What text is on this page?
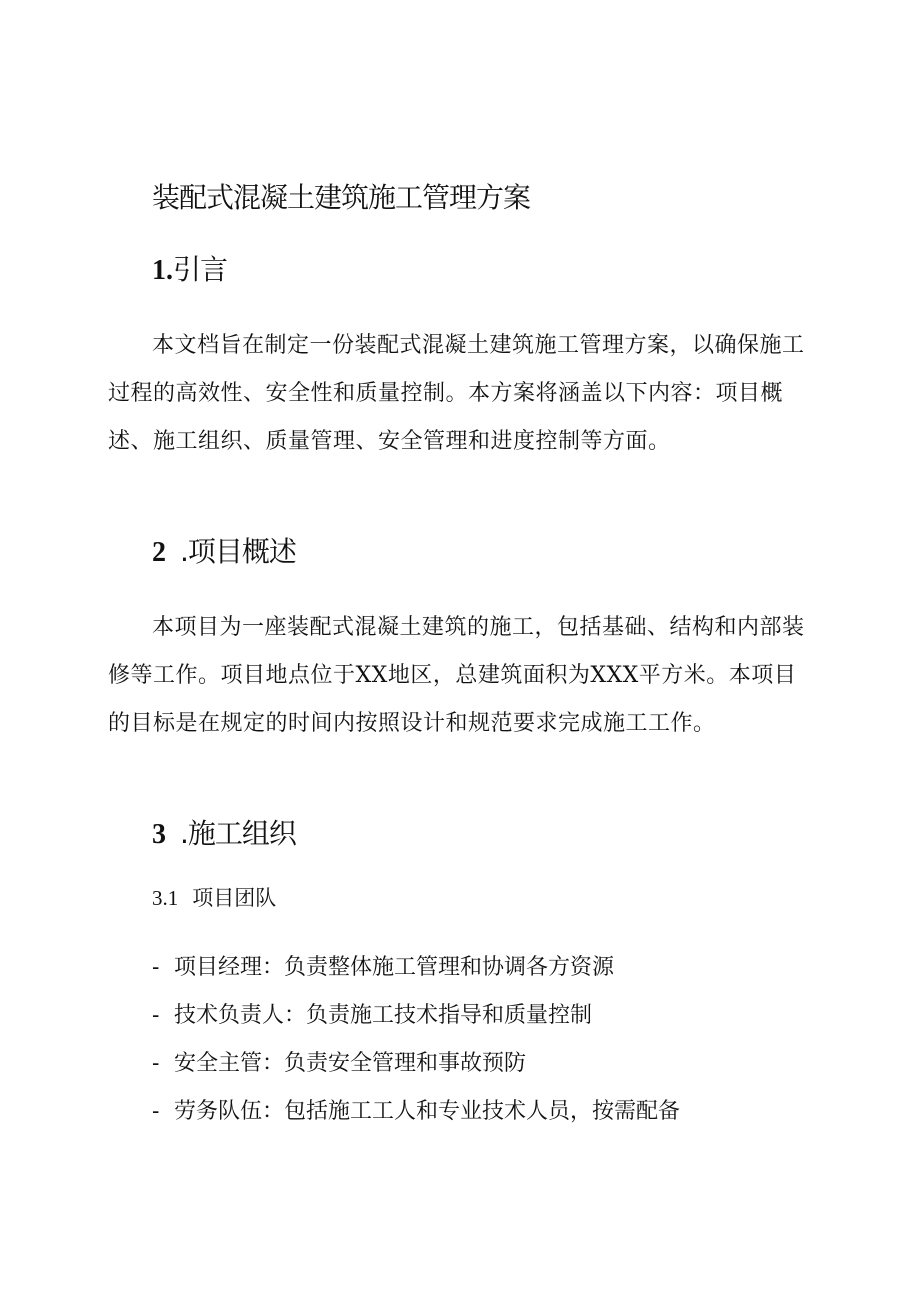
装配式混凝土建筑施工管理方案
1.引言

本文档旨在制定一份装配式混凝土建筑施工管理方案，以确保施工过程的高效性、安全性和质量控制。本方案将涵盖以下内容：项目概述、施工组织、质量管理、安全管理和进度控制等方面。

2 .项目概述

本项目为一座装配式混凝土建筑的施工，包括基础、结构和内部装修等工作。项目地点位于XX地区，总建筑面积为XXX平方米。本项目的目标是在规定的时间内按照设计和规范要求完成施工工作。

3 .施工组织
3.1 项目团队
- 项目经理：负责整体施工管理和协调各方资源
- 技术负责人：负责施工技术指导和质量控制
- 安全主管：负责安全管理和事故预防
- 劳务队伍：包括施工工人和专业技术人员，按需配备
